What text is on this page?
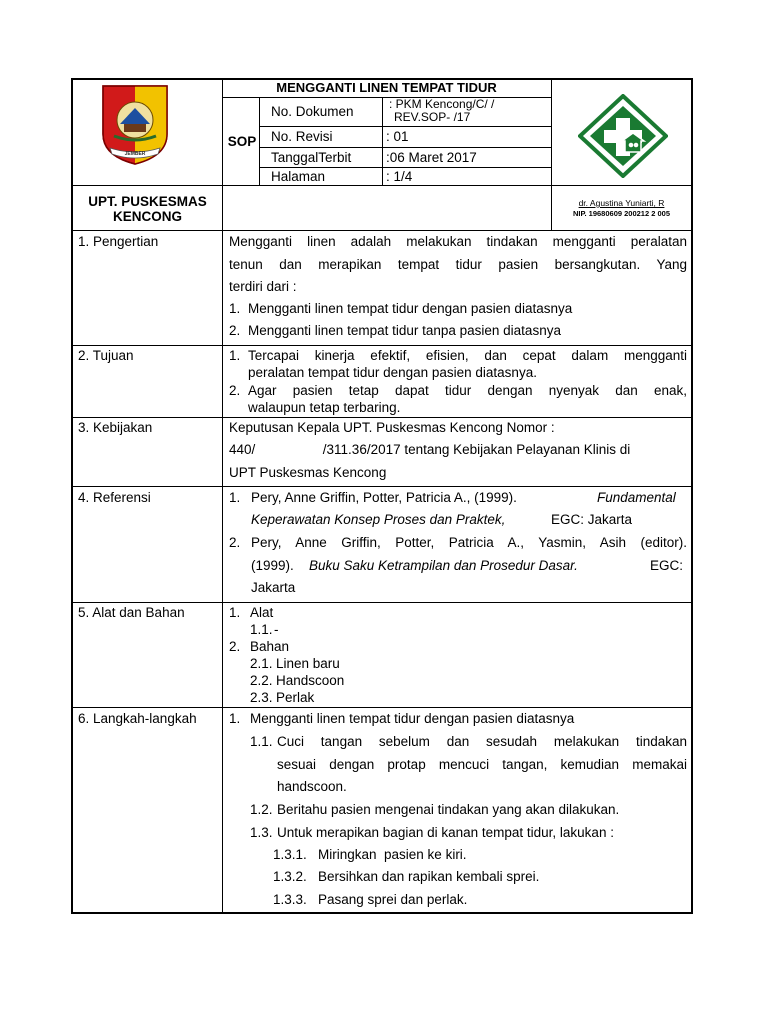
JEMBER
MENGGANTI LINEN TEMPAT TIDUR
SOP
No. Dokumen	: PKM Kencong/C/ /
REV.SOP- /17
No. Revisi	: 01
TanggalTerbit	:06 Maret 2017
Halaman	: 1/4
UPT. PUSKESMAS
KENCONG
dr. Agustina Yuniarti, R
NIP. 19680609 200212 2 005
1. Pengertian	Mengganti linen adalah melakukan tindakan mengganti peralatan
tenun dan merapikan tempat tidur pasien bersangkutan. Yang
terdiri dari :
1. Mengganti linen tempat tidur dengan pasien diatasnya
2. Mengganti linen tempat tidur tanpa pasien diatasnya
2. Tujuan	1. Tercapai kinerja efektif, efisien, dan cepat dalam mengganti
peralatan tempat tidur dengan pasien diatasnya.
2. Agar pasien tetap dapat tidur dengan nyenyak dan enak,
walaupun tetap terbaring.
3. Kebijakan	Keputusan Kepala UPT. Puskesmas Kencong Nomor :
440/                  /311.36/2017 tentang Kebijakan Pelayanan Klinis di
UPT Puskesmas Kencong
4. Referensi	1. Pery, Anne Griffin, Potter, Patricia A., (1999).	Fundamental
Keperawatan Konsep Proses dan Praktek,	EGC: Jakarta
2. Pery, Anne Griffin, Potter, Patricia A., Yasmin, Asih (editor).
(1999). Buku Saku Ketrampilan dan Prosedur Dasar.	EGC:
Jakarta
5. Alat dan Bahan	1. Alat
1.1. -
2. Bahan
2.1. Linen baru
2.2. Handscoon
2.3. Perlak
6. Langkah-langkah 1. Mengganti linen tempat tidur dengan pasien diatasnya
1.1. Cuci tangan sebelum dan sesudah melakukan tindakan
sesuai dengan protap mencuci tangan, kemudian memakai
handscoon.
1.2. Beritahu pasien mengenai tindakan yang akan dilakukan.
1.3. Untuk merapikan bagian di kanan tempat tidur, lakukan :
1.3.1. Miringkan  pasien ke kiri.
1.3.2. Bersihkan dan rapikan kembali sprei.
1.3.3. Pasang sprei dan perlak.
